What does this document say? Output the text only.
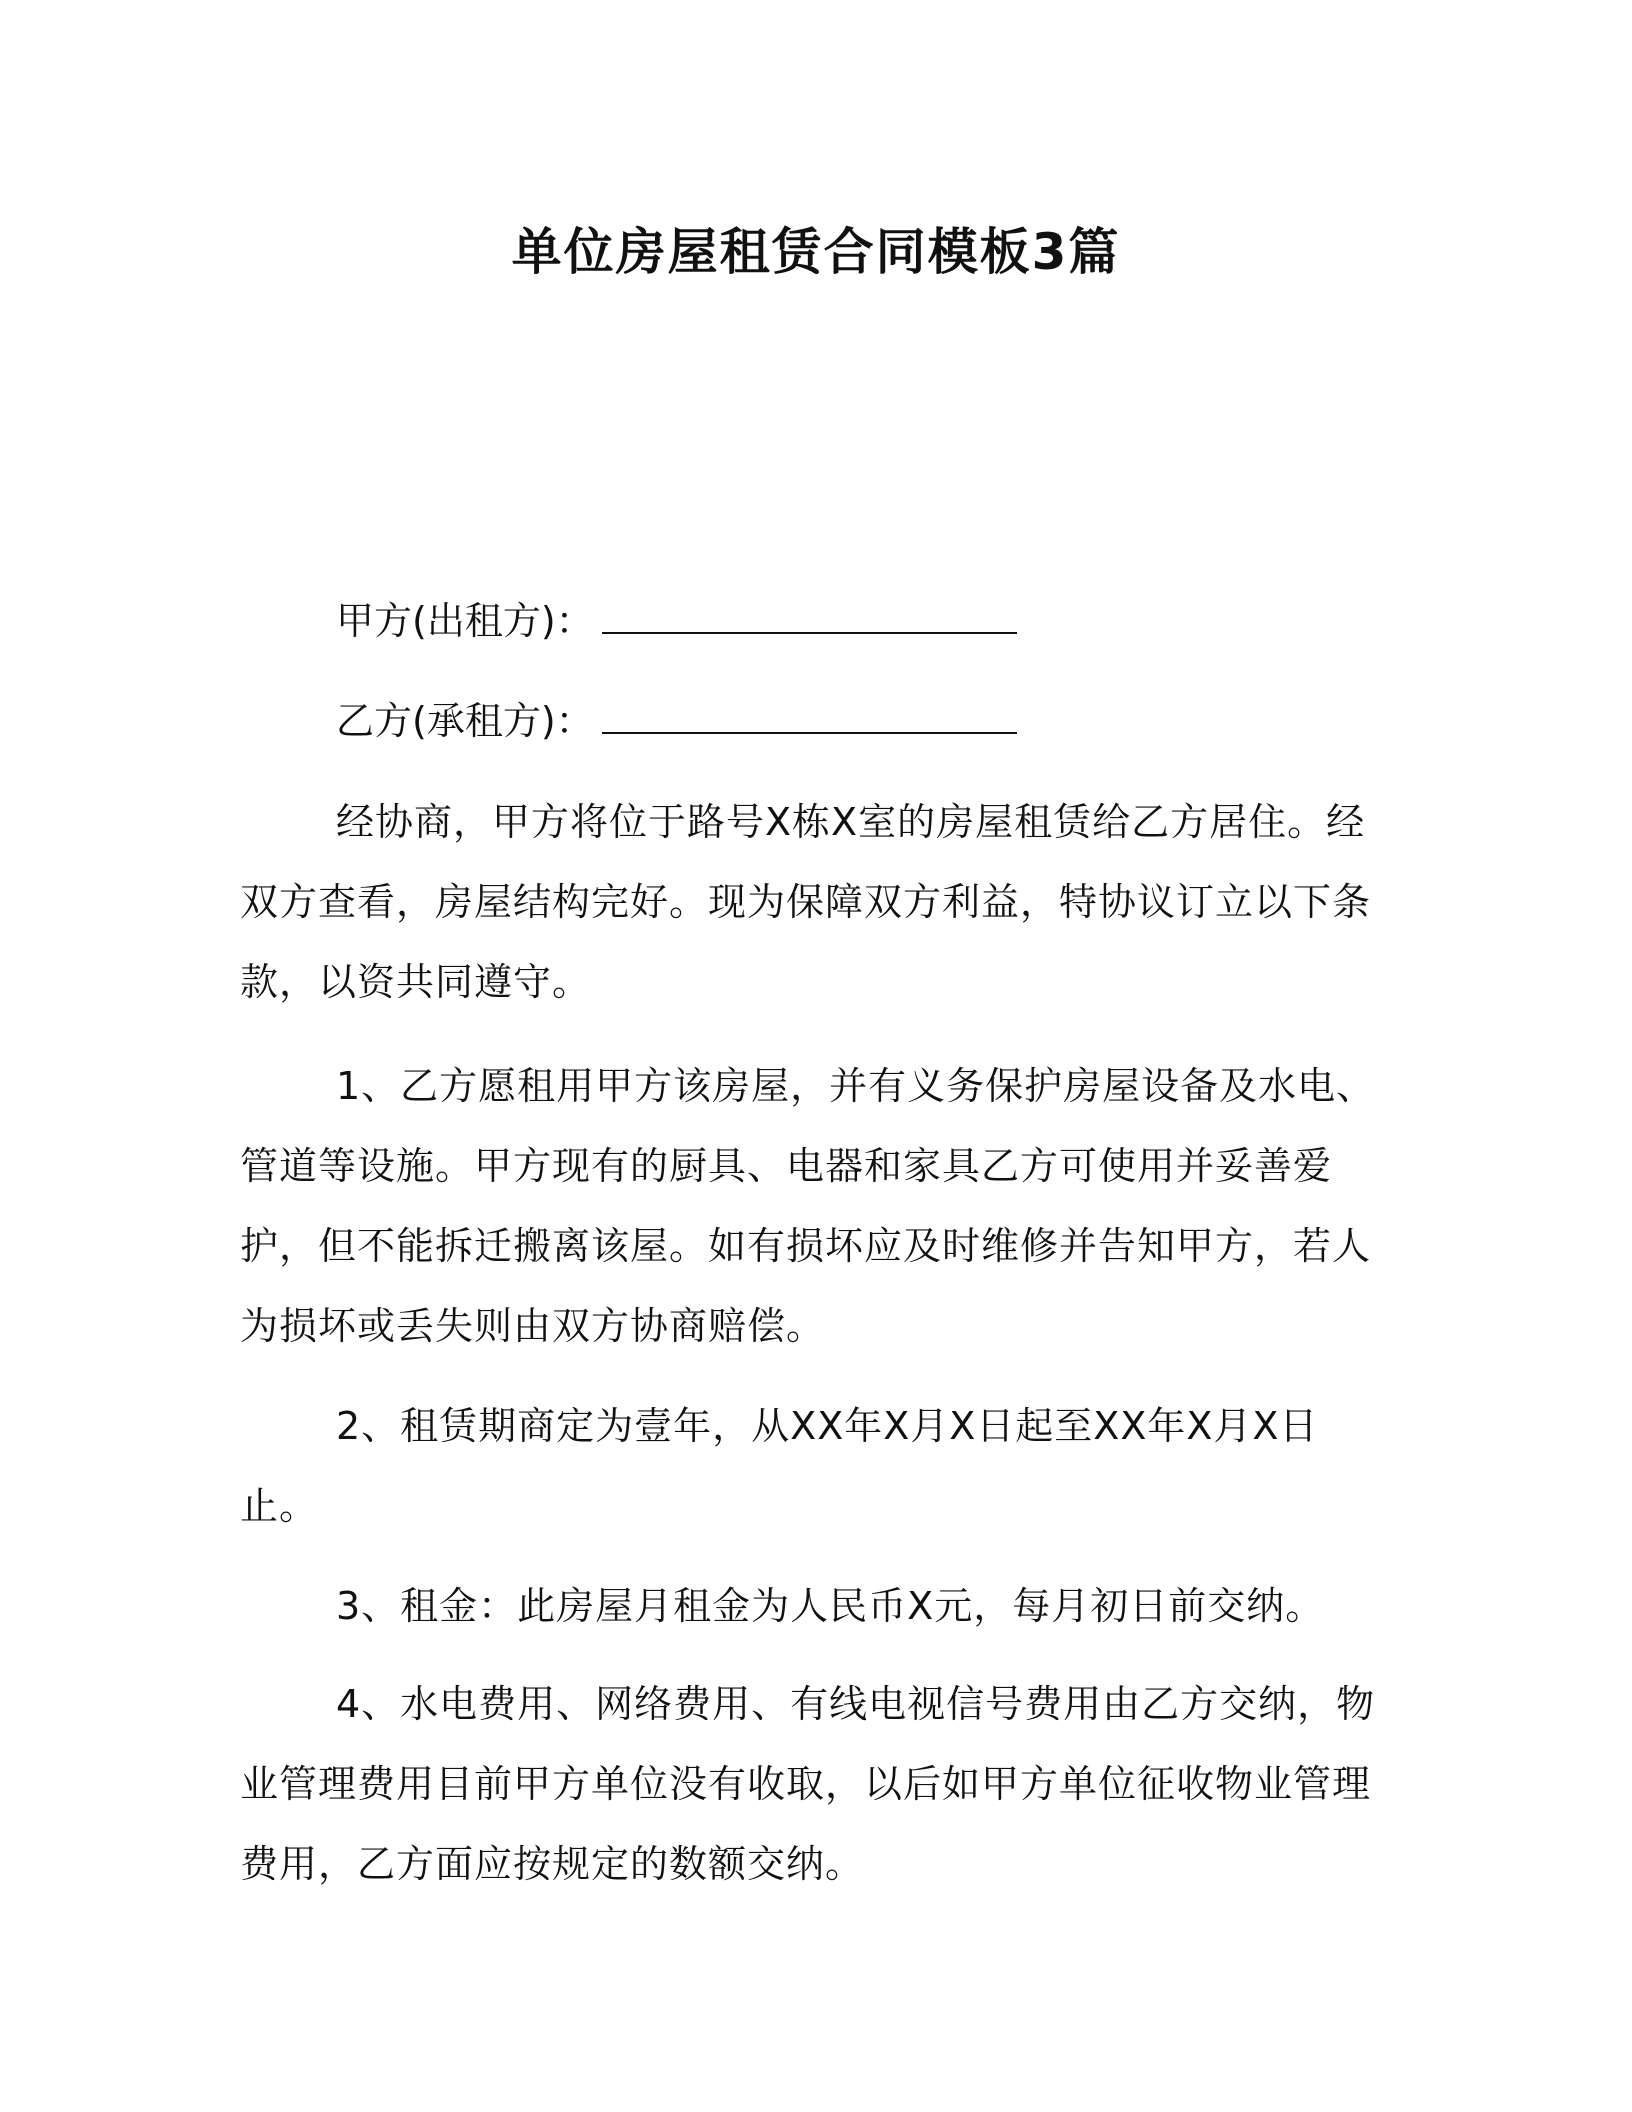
单位房屋租赁合同模板3篇
甲方(出租方)：
乙方(承租方)：

经协商，甲方将位于路号X栋X室的房屋租赁给乙方居住。经双方查看，房屋结构完好。现为保障双方利益，特协议订立以下条款，以资共同遵守。

1、乙方愿租用甲方该房屋，并有义务保护房屋设备及水电、管道等设施。甲方现有的厨具、电器和家具乙方可使用并妥善爱护，但不能拆迁搬离该屋。如有损坏应及时维修并告知甲方，若人为损坏或丢失则由双方协商赔偿。

2、租赁期商定为壹年，从XX年X月X日起至XX年X月X日止。

3、租金：此房屋月租金为人民币X元，每月初日前交纳。

4、水电费用、网络费用、有线电视信号费用由乙方交纳，物业管理费用目前甲方单位没有收取，以后如甲方单位征收物业管理费用，乙方面应按规定的数额交纳。
